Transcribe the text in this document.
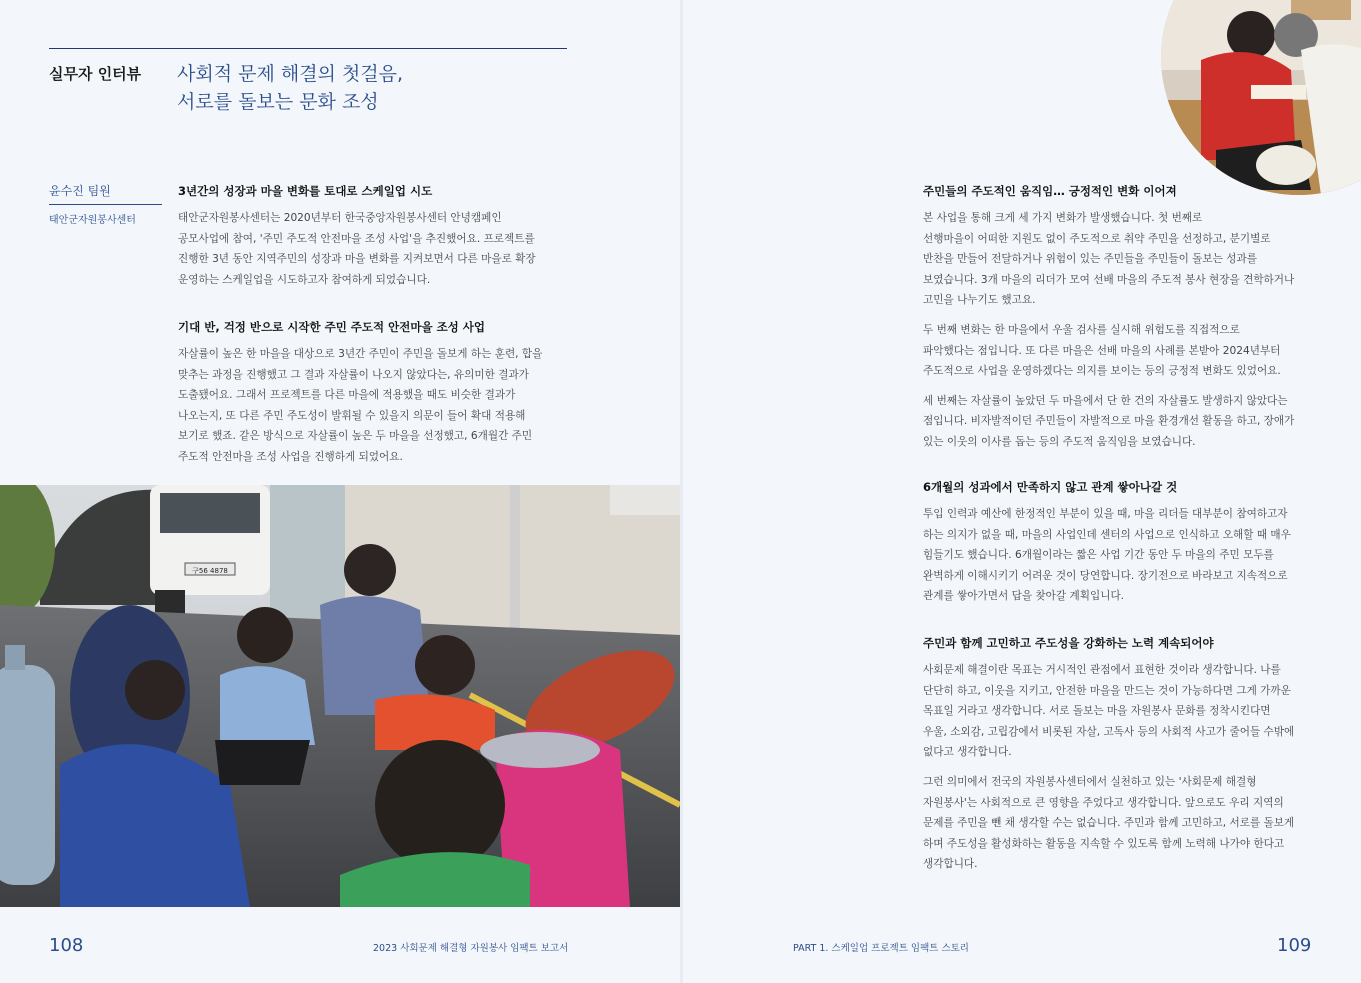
실무자 인터뷰 사회적 문제 해결의 첫걸음,
서로를 돌보는 문화 조성
윤수진 팀원
태안군자원봉사센터
3년간의 성장과 마을 변화를 토대로 스케일업 시도

태안군자원봉사센터는 2020년부터 한국중앙자원봉사센터 안녕캠페인
공모사업에 참여, '주민 주도적 안전마을 조성 사업'을 추진했어요. 프로젝트를
진행한 3년 동안 지역주민의 성장과 마을 변화를 지켜보면서 다른 마을로 확장
운영하는 스케일업을 시도하고자 참여하게 되었습니다.

기대 반, 걱정 반으로 시작한 주민 주도적 안전마을 조성 사업

자살률이 높은 한 마을을 대상으로 3년간 주민이 주민을 돌보게 하는 훈련, 합을
맞추는 과정을 진행했고 그 결과 자살률이 나오지 않았다는, 유의미한 결과가
도출됐어요. 그래서 프로젝트를 다른 마을에 적용했을 때도 비슷한 결과가
나오는지, 또 다른 주민 주도성이 발휘될 수 있을지 의문이 들어 확대 적용해
보기로 했죠. 같은 방식으로 자살률이 높은 두 마을을 선정했고, 6개월간 주민
주도적 안전마을 조성 사업을 진행하게 되었어요.

구56 4878
108	2023 사회문제 해결형 자원봉사 임팩트 보고서
주민들의 주도적인 움직임… 긍정적인 변화 이어져

본 사업을 통해 크게 세 가지 변화가 발생했습니다. 첫 번째로
선행마을이 어떠한 지원도 없이 주도적으로 취약 주민을 선정하고, 분기별로
반찬을 만들어 전달하거나 위험이 있는 주민들을 주민들이 돌보는 성과를
보였습니다. 3개 마을의 리더가 모여 선배 마을의 주도적 봉사 현장을 견학하거나
고민을 나누기도 했고요.

두 번째 변화는 한 마을에서 우울 검사를 실시해 위험도를 직접적으로
파악했다는 점입니다. 또 다른 마을은 선배 마을의 사례를 본받아 2024년부터
주도적으로 사업을 운영하겠다는 의지를 보이는 등의 긍정적 변화도 있었어요.

세 번째는 자살률이 높았던 두 마을에서 단 한 건의 자살률도 발생하지 않았다는
점입니다. 비자발적이던 주민들이 자발적으로 마을 환경개선 활동을 하고, 장애가
있는 이웃의 이사를 돕는 등의 주도적 움직임을 보였습니다.

6개월의 성과에서 만족하지 않고 관계 쌓아나갈 것

투입 인력과 예산에 한정적인 부분이 있을 때, 마을 리더들 대부분이 참여하고자
하는 의지가 없을 때, 마을의 사업인데 센터의 사업으로 인식하고 오해할 때 매우
힘들기도 했습니다. 6개월이라는 짧은 사업 기간 동안 두 마을의 주민 모두를
완벽하게 이해시키기 어려운 것이 당연합니다. 장기전으로 바라보고 지속적으로
관계를 쌓아가면서 답을 찾아갈 계획입니다.

주민과 함께 고민하고 주도성을 강화하는 노력 계속되어야

사회문제 해결이란 목표는 거시적인 관점에서 표현한 것이라 생각합니다. 나를
단단히 하고, 이웃을 지키고, 안전한 마을을 만드는 것이 가능하다면 그게 가까운
목표일 거라고 생각합니다. 서로 돌보는 마을 자원봉사 문화를 정착시킨다면
우울, 소외감, 고립감에서 비롯된 자살, 고독사 등의 사회적 사고가 줄어들 수밖에
없다고 생각합니다.

그런 의미에서 전국의 자원봉사센터에서 실천하고 있는 '사회문제 해결형
자원봉사'는 사회적으로 큰 영향을 주었다고 생각합니다. 앞으로도 우리 지역의
문제를 주민을 뺀 채 생각할 수는 없습니다. 주민과 함께 고민하고, 서로를 돌보게
하며 주도성을 활성화하는 활동을 지속할 수 있도록 함께 노력해 나가야 한다고
생각합니다.

PART 1. 스케일업 프로젝트 임팩트 스토리	109
